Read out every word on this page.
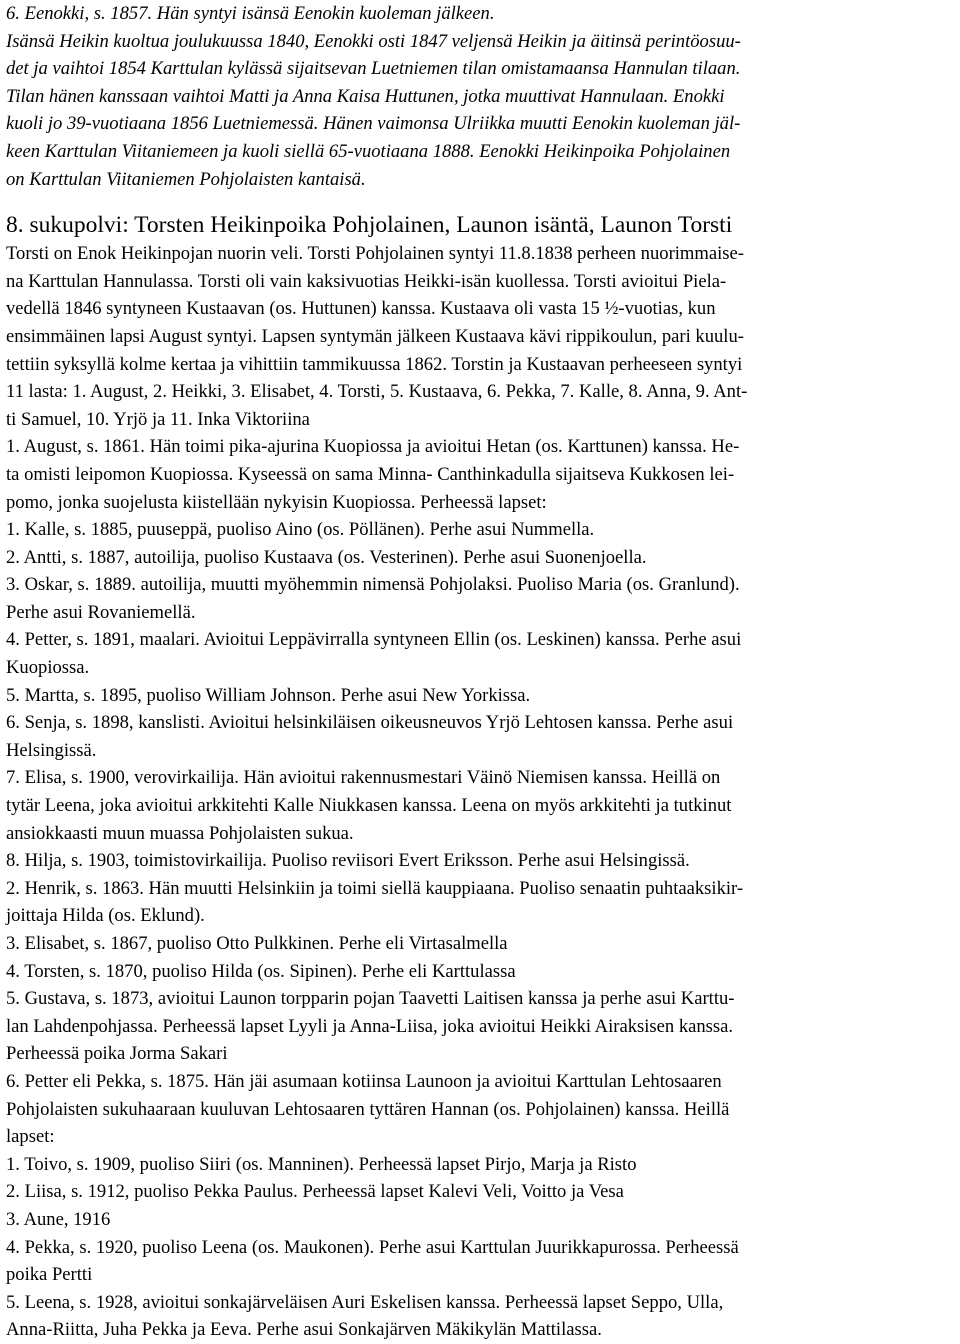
6. Eenokki, s. 1857. Hän syntyi isänsä Eenokin kuoleman jälkeen.
Isänsä Heikin kuoltua joulukuussa 1840, Eenokki osti 1847 veljensä Heikin ja äitinsä perintöosuu-
det ja vaihtoi 1854 Karttulan kylässä sijaitsevan Luetniemen tilan omistamaansa Hannulan tilaan.
Tilan hänen kanssaan vaihtoi Matti ja Anna Kaisa Huttunen, jotka muuttivat Hannulaan. Enokki
kuoli jo 39-vuotiaana 1856 Luetniemessä. Hänen vaimonsa Ulriikka muutti Eenokin kuoleman jäl-
keen Karttulan Viitaniemeen ja kuoli siellä 65-vuotiaana 1888. Eenokki Heikinpoika Pohjolainen
on Karttulan Viitaniemen Pohjolaisten kantaisä.
8. sukupolvi: Torsten Heikinpoika Pohjolainen, Launon isäntä, Launon Torsti
Torsti on Enok Heikinpojan nuorin veli. Torsti Pohjolainen syntyi 11.8.1838 perheen nuorimmaise-
na Karttulan Hannulassa. Torsti oli vain kaksivuotias Heikki-isän kuollessa. Torsti avioitui Piela-
vedellä 1846 syntyneen Kustaavan (os. Huttunen) kanssa. Kustaava oli vasta 15 ½-vuotias, kun
ensimmäinen lapsi August syntyi. Lapsen syntymän jälkeen Kustaava kävi rippikoulun, pari kuulu-
tettiin syksyllä kolme kertaa ja vihittiin tammikuussa 1862. Torstin ja Kustaavan perheeseen syntyi
11 lasta: 1. August, 2. Heikki, 3. Elisabet, 4. Torsti, 5. Kustaava, 6. Pekka, 7. Kalle, 8. Anna, 9. Ant-
ti Samuel, 10. Yrjö ja 11. Inka Viktoriina
1. August, s. 1861. Hän toimi pika-ajurina Kuopiossa ja avioitui Hetan (os. Karttunen) kanssa. He-
ta omisti leipomon Kuopiossa. Kyseessä on sama Minna- Canthinkadulla sijaitseva Kukkosen lei-
pomo, jonka suojelusta kiistellään nykyisin Kuopiossa. Perheessä lapset:
1. Kalle, s. 1885, puuseppä, puoliso Aino (os. Pöllänen). Perhe asui Nummella.
2. Antti, s. 1887, autoilija, puoliso Kustaava (os. Vesterinen). Perhe asui Suonenjoella.
3. Oskar, s. 1889. autoilija, muutti myöhemmin nimensä Pohjolaksi. Puoliso Maria (os. Granlund).
Perhe asui Rovaniemellä.
4. Petter, s. 1891, maalari. Avioitui Leppävirralla syntyneen Ellin (os. Leskinen) kanssa. Perhe asui
Kuopiossa.
5. Martta, s. 1895, puoliso William Johnson. Perhe asui New Yorkissa.
6. Senja, s. 1898, kanslisti. Avioitui helsinkiläisen oikeusneuvos Yrjö Lehtosen kanssa. Perhe asui
Helsingissä.
7. Elisa, s. 1900, verovirkailija. Hän avioitui rakennusmestari Väinö Niemisen kanssa. Heillä on
tytär Leena, joka avioitui arkkitehti Kalle Niukkasen kanssa. Leena on myös arkkitehti ja tutkinut
ansiokkaasti muun muassa Pohjolaisten sukua.
8. Hilja, s. 1903, toimistovirkailija. Puoliso reviisori Evert Eriksson. Perhe asui Helsingissä.
2. Henrik, s. 1863. Hän muutti Helsinkiin ja toimi siellä kauppiaana. Puoliso senaatin puhtaaksikir-
joittaja Hilda (os. Eklund).
3. Elisabet, s. 1867, puoliso Otto Pulkkinen. Perhe eli Virtasalmella
4. Torsten, s. 1870, puoliso Hilda (os. Sipinen). Perhe eli Karttulassa
5. Gustava, s. 1873, avioitui Launon torpparin pojan Taavetti Laitisen kanssa ja perhe asui Karttu-
lan Lahdenpohjassa. Perheessä lapset Lyyli ja Anna-Liisa, joka avioitui Heikki Airaksisen kanssa.
Perheessä poika Jorma Sakari
6. Petter eli Pekka, s. 1875. Hän jäi asumaan kotiinsa Launoon ja avioitui Karttulan Lehtosaaren
Pohjolaisten sukuhaaraan kuuluvan Lehtosaaren tyttären Hannan (os. Pohjolainen) kanssa. Heillä
lapset:
1. Toivo, s. 1909, puoliso Siiri (os. Manninen). Perheessä lapset Pirjo, Marja ja Risto
2. Liisa, s. 1912, puoliso Pekka Paulus. Perheessä lapset Kalevi Veli, Voitto ja Vesa
3. Aune, 1916
4. Pekka, s. 1920, puoliso Leena (os. Maukonen). Perhe asui Karttulan Juurikkapurossa. Perheessä
poika Pertti
5. Leena, s. 1928, avioitui sonkajärveläisen Auri Eskelisen kanssa. Perheessä lapset Seppo, Ulla,
Anna-Riitta, Juha Pekka ja Eeva. Perhe asui Sonkajärven Mäkikylän Mattilassa.
